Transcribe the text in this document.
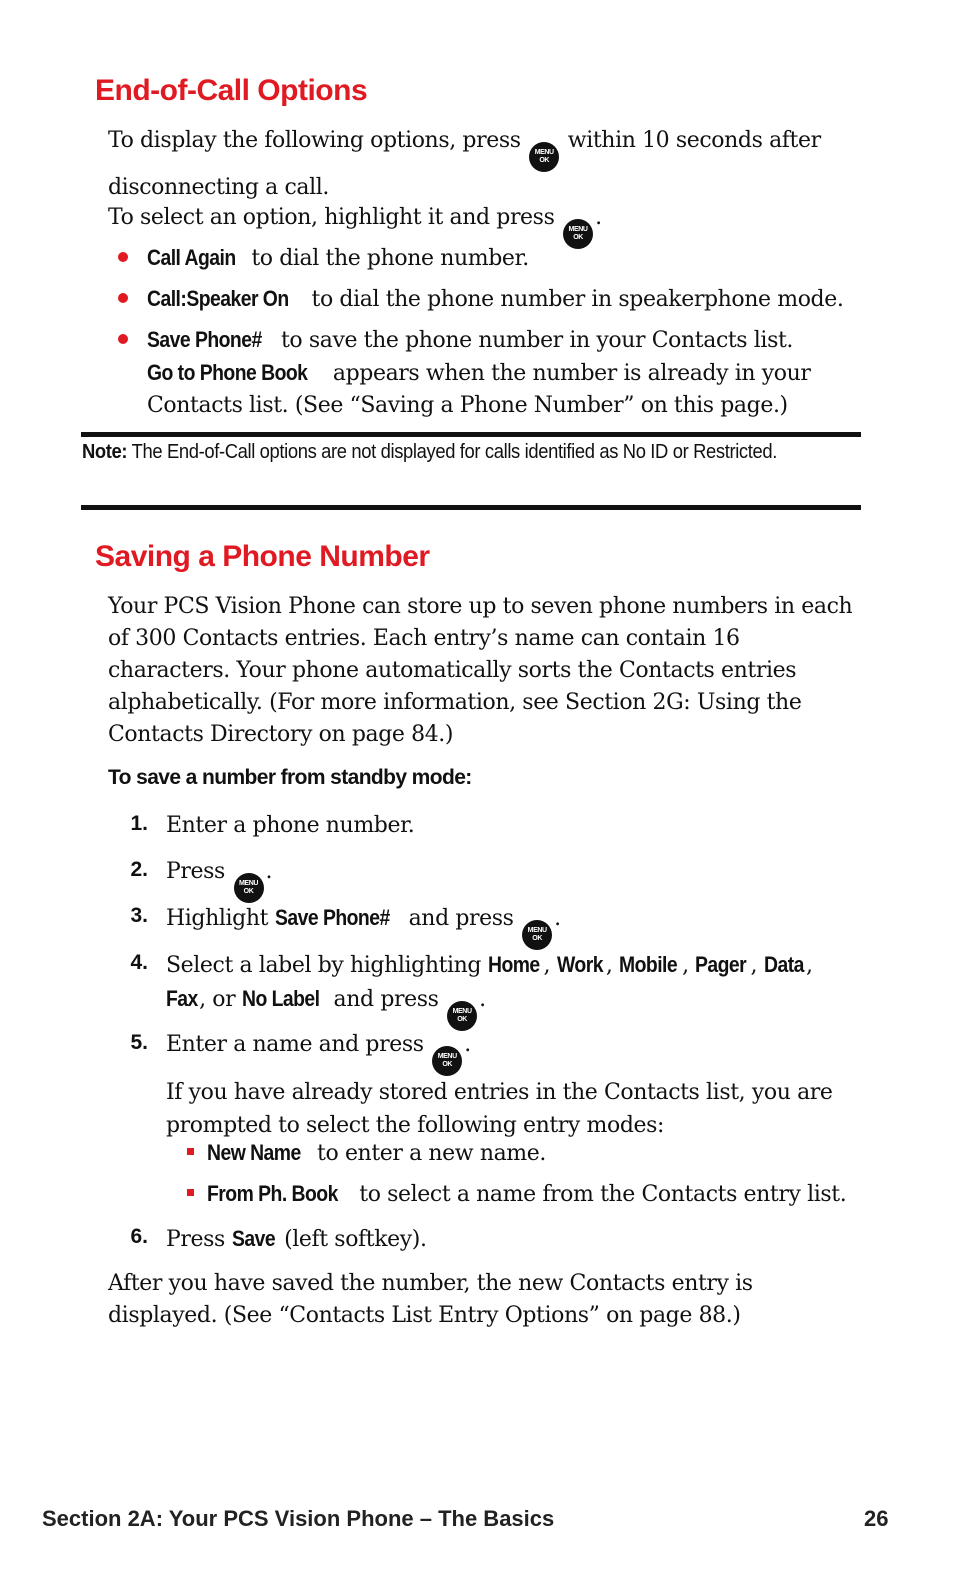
End-of-Call Options

To display the following options, press MENU
OK
within 10 seconds after disconnecting a call.

To select an option, highlight it and press MENU
OK
.

Call Again to dial the phone number.
Call:Speaker On to dial the phone number in speakerphone mode.
Save Phone# to save the phone number in your Contacts list.
Go to Phone Book appears when the number is already in your Contacts list. (See “Saving a Phone Number” on this page.)
Note: The End-of-Call options are not displayed for calls identified as No ID or Restricted.
Saving a Phone Number

Your PCS Vision Phone can store up to seven phone numbers in each of 300 Contacts entries. Each entry’s name can contain 16 characters. Your phone automatically sorts the Contacts entries alphabetically. (For more information, see Section 2G: Using the Contacts Directory on page 84.)

To save a number from standby mode:
1. Enter a phone number.
2. Press MENU
OK
.
3. Highlight Save Phone# and press MENU
OK
.
4. Select a label by highlighting Home , Work , Mobile , Pager , Data ,
Fax, or No Label and press MENU
OK
.
5. Enter a name and press MENU
OK
.
If you have already stored entries in the Contacts list, you are prompted to select the following entry modes:
New Name to enter a new name.
From Ph. Book to select a name from the Contacts entry list.
6. Press Save (left softkey).

After you have saved the number, the new Contacts entry is displayed. (See “Contacts List Entry Options” on page 88.)

Section 2A: Your PCS Vision Phone – The Basics	26
